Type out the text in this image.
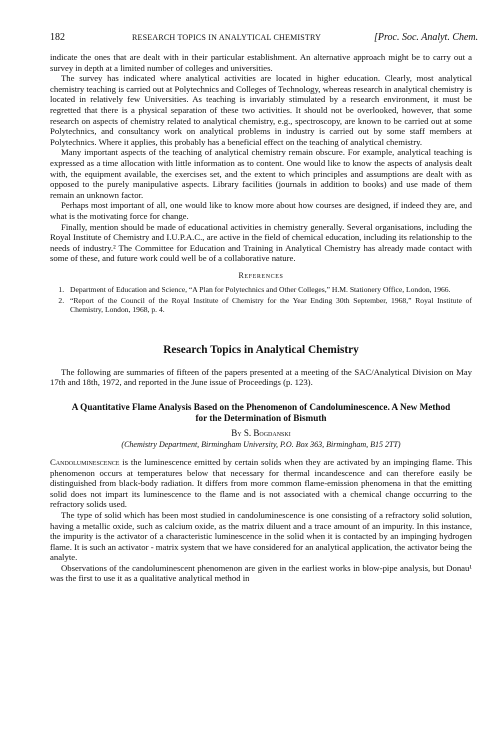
182	RESEARCH TOPICS IN ANALYTICAL CHEMISTRY	[Proc. Soc. Analyt. Chem.

indicate the ones that are dealt with in their particular establishment. An alternative approach might be to carry out a survey in depth at a limited number of colleges and universities.

The survey has indicated where analytical activities are located in higher education. Clearly, most analytical chemistry teaching is carried out at Polytechnics and Colleges of Technology, whereas research in analytical chemistry is located in relatively few Universities. As teaching is invariably stimulated by a research environment, it must be regretted that there is a physical separation of these two activities. It should not be overlooked, however, that some research on aspects of chemistry related to analytical chemistry, e.g., spectroscopy, are known to be carried out at some Polytechnics, and consultancy work on analytical problems in industry is carried out by some staff members at Polytechnics. Where it applies, this probably has a beneficial effect on the teaching of analytical chemistry.

Many important aspects of the teaching of analytical chemistry remain obscure. For example, analytical teaching is expressed as a time allocation with little information as to content. One would like to know the aspects of analysis dealt with, the equipment available, the exercises set, and the extent to which principles and assumptions are dealt with as opposed to the purely manipulative aspects. Library facilities (journals in addition to books) and use made of them remain an unknown factor.

Perhaps most important of all, one would like to know more about how courses are designed, if indeed they are, and what is the motivating force for change.

Finally, mention should be made of educational activities in chemistry generally. Several organisations, including the Royal Institute of Chemistry and I.U.P.A.C., are active in the field of chemical education, including its relationship to the needs of industry.² The Committee for Education and Training in Analytical Chemistry has already made contact with some of these, and future work could well be of a collaborative nature.

References
1. Department of Education and Science, “A Plan for Polytechnics and Other Colleges,” H.M. Stationery Office, London, 1966.
2. “Report of the Council of the Royal Institute of Chemistry for the Year Ending 30th September, 1968,” Royal Institute of Chemistry, London, 1968, p. 4.
Research Topics in Analytical Chemistry

The following are summaries of fifteen of the papers presented at a meeting of the SAC/Analytical Division on May 17th and 18th, 1972, and reported in the June issue of Proceedings (p. 123).

A Quantitative Flame Analysis Based on the Phenomenon of Candoluminescence. A New Method for the Determination of Bismuth
By S. Bogdanski
(Chemistry Department, Birmingham University, P.O. Box 363, Birmingham, B15 2TT)

Candoluminescence is the luminescence emitted by certain solids when they are activated by an impinging flame. This phenomenon occurs at temperatures below that necessary for thermal incandescence and can therefore easily be distinguished from black-body radiation. It differs from more common flame-emission phenomena in that the emitting solid does not impart its luminescence to the flame and is not associated with a chemical change occurring to the refractory solids used.

The type of solid which has been most studied in candoluminescence is one consisting of a refractory solid solution, having a metallic oxide, such as calcium oxide, as the matrix diluent and a trace amount of an impurity. In this instance, the impurity is the activator of a characteristic luminescence in the solid when it is contacted by an impinging hydrogen flame. It is such an activator - matrix system that we have considered for an analytical application, the activator being the analyte.

Observations of the candoluminescent phenomenon are given in the earliest works in blow-pipe analysis, but Donau¹ was the first to use it as a qualitative analytical method in
